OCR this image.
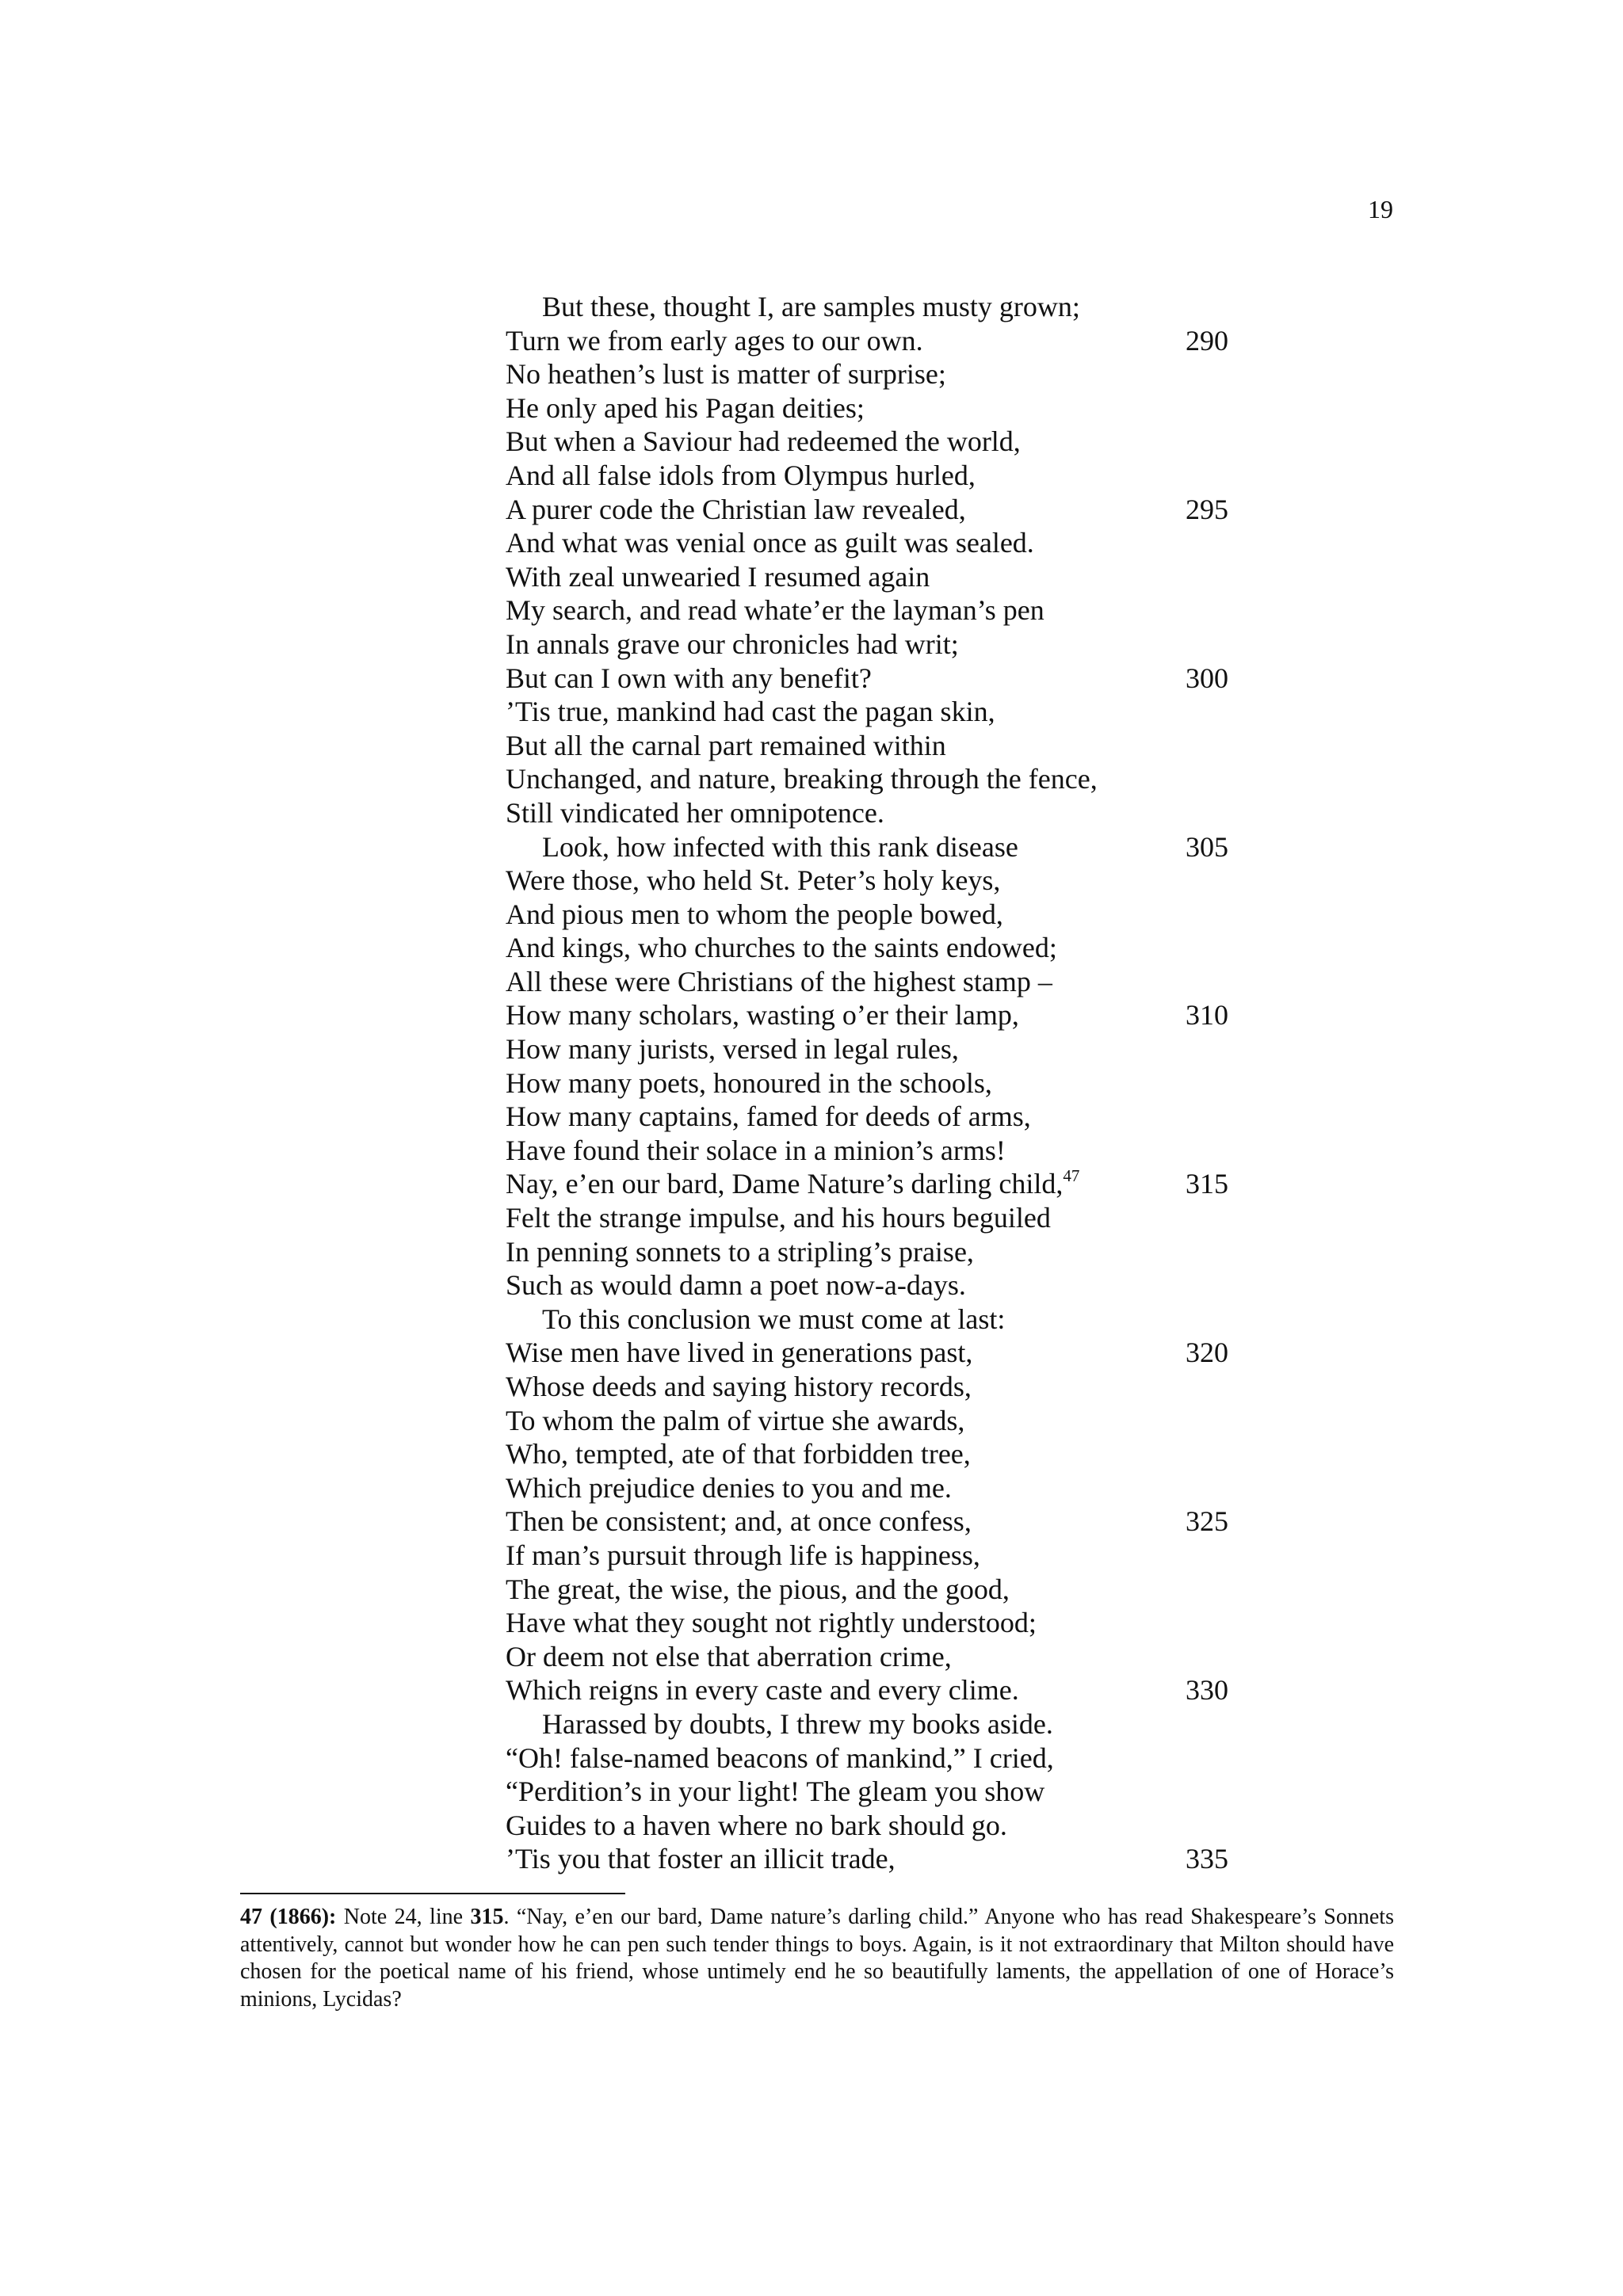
19
But these, thought I, are samples musty grown;
Turn we from early ages to our own.	290
No heathen’s lust is matter of surprise;
He only aped his Pagan deities;
But when a Saviour had redeemed the world,
And all false idols from Olympus hurled,
A purer code the Christian law revealed,	295
And what was venial once as guilt was sealed.
With zeal unwearied I resumed again
My search, and read whate’er the layman’s pen
In annals grave our chronicles had writ;
But can I own with any benefit?	300
’Tis true, mankind had cast the pagan skin,
But all the carnal part remained within
Unchanged, and nature, breaking through the fence,
Still vindicated her omnipotence.
Look, how infected with this rank disease	305
Were those, who held St. Peter’s holy keys,
And pious men to whom the people bowed,
And kings, who churches to the saints endowed;
All these were Christians of the highest stamp –
How many scholars, wasting o’er their lamp,	310
How many jurists, versed in legal rules,
How many poets, honoured in the schools,
How many captains, famed for deeds of arms,
Have found their solace in a minion’s arms!
Nay, e’en our bard, Dame Nature’s darling child,$^{47}$	315
Felt the strange impulse, and his hours beguiled
In penning sonnets to a stripling’s praise,
Such as would damn a poet now-a-days.
To this conclusion we must come at last:
Wise men have lived in generations past,	320
Whose deeds and saying history records,
To whom the palm of virtue she awards,
Who, tempted, ate of that forbidden tree,
Which prejudice denies to you and me.
Then be consistent; and, at once confess,	325
If man’s pursuit through life is happiness,
The great, the wise, the pious, and the good,
Have what they sought not rightly understood;
Or deem not else that aberration crime,
Which reigns in every caste and every clime.	330
Harassed by doubts, I threw my books aside.
“Oh! false-named beacons of mankind,” I cried,
“Perdition’s in your light! The gleam you show
Guides to a haven where no bark should go.
’Tis you that foster an illicit trade,	335
47 (1866): Note 24, line 315. “Nay, e’en our bard, Dame nature’s darling child.” Anyone who has read Shakespeare’s Sonnets attentively, cannot but wonder how he can pen such tender things to boys. Again, is it not extraordinary that Milton should have chosen for the poetical name of his friend, whose untimely end he so beautifully laments, the appellation of one of Horace’s minions, Lycidas?
